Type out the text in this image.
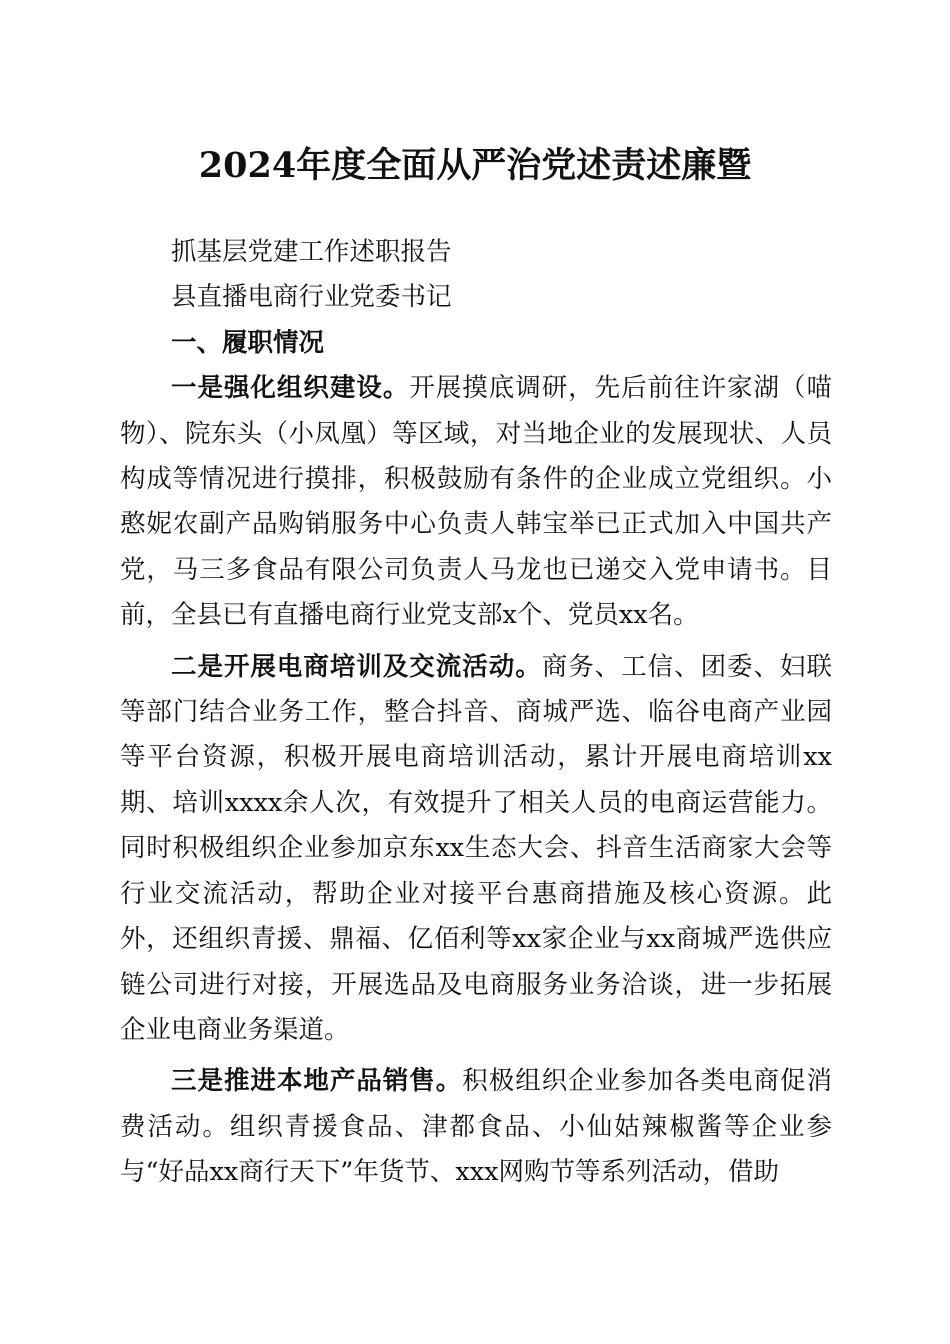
2024年度全面从严治党述责述廉暨

抓基层党建工作述职报告

县直播电商行业党委书记

一、履职情况

一是强化组织建设。开展摸底调研，先后前往许家湖（喵物）、院东头（小凤凰）等区域，对当地企业的发展现状、人员构成等情况进行摸排，积极鼓励有条件的企业成立党组织。小憨妮农副产品购销服务中心负责人韩宝举已正式加入中国共产党，马三多食品有限公司负责人马龙也已递交入党申请书。目前，全县已有直播电商行业党支部x个、党员xx名。

二是开展电商培训及交流活动。商务、工信、团委、妇联等部门结合业务工作，整合抖音、商城严选、临谷电商产业园等平台资源，积极开展电商培训活动，累计开展电商培训xx期、培训xxxx余人次，有效提升了相关人员的电商运营能力。同时积极组织企业参加京东xx生态大会、抖音生活商家大会等行业交流活动，帮助企业对接平台惠商措施及核心资源。此外，还组织青援、鼎福、亿佰利等xx家企业与xx商城严选供应链公司进行对接，开展选品及电商服务业务洽谈，进一步拓展企业电商业务渠道。

三是推进本地产品销售。积极组织企业参加各类电商促消费活动。组织青援食品、津都食品、小仙姑辣椒酱等企业参与“好品xx商行天下”年货节、xxx网购节等系列活动，借助
